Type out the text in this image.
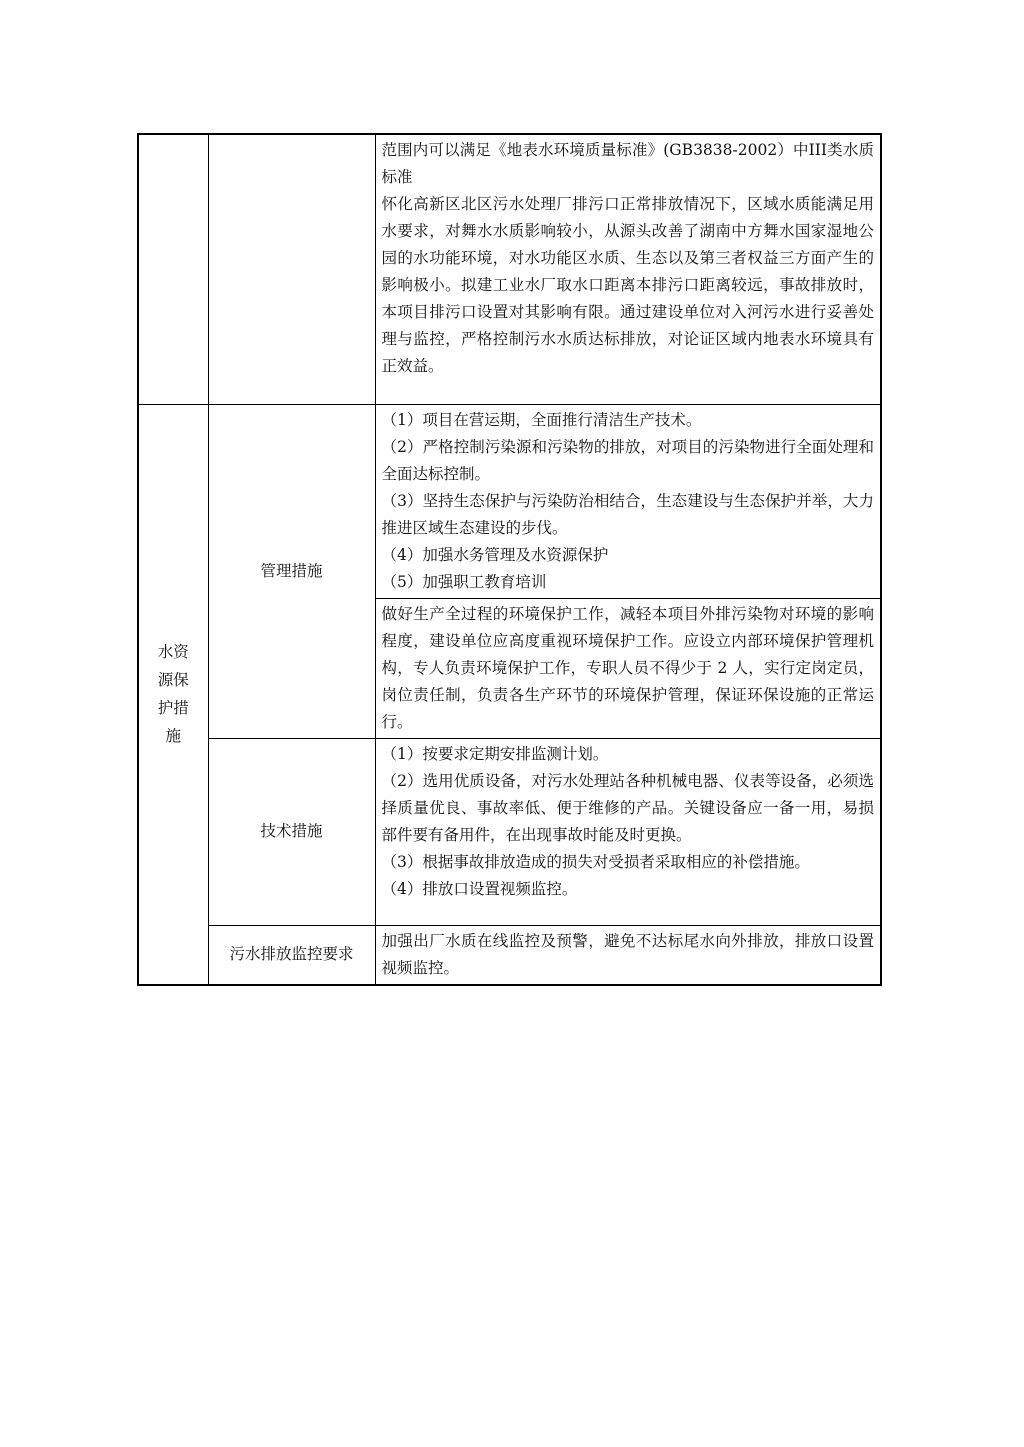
		范围内可以满足《地表水环境质量标准》(GB3838-2002）中III类水质标准
怀化高新区北区污水处理厂排污口正常排放情况下，区域水质能满足用水要求，对舞水水质影响较小，从源头改善了湖南中方舞水国家湿地公园的水功能环境，对水功能区水质、生态以及第三者权益三方面产生的影响极小。拟建工业水厂取水口距离本排污口距离较远，事故排放时，本项目排污口设置对其影响有限。通过建设单位对入河污水进行妥善处理与监控，严格控制污水水质达标排放，对论证区域内地表水环境具有正效益。

水资源保护措施	管理措施	（1）项目在营运期，全面推行清洁生产技术。
（2）严格控制污染源和污染物的排放，对项目的污染物进行全面处理和全面达标控制。
（3）坚持生态保护与污染防治相结合，生态建设与生态保护并举，大力推进区域生态建设的步伐。
（4）加强水务管理及水资源保护
（5）加强职工教育培训

		做好生产全过程的环境保护工作，减轻本项目外排污染物对环境的影响程度，建设单位应高度重视环境保护工作。应设立内部环境保护管理机构，专人负责环境保护工作，专职人员不得少于 2 人，实行定岗定员，岗位责任制，负责各生产环节的环境保护管理，保证环保设施的正常运行。
	技术措施	（1）按要求定期安排监测计划。
（2）选用优质设备，对污水处理站各种机械电器、仪表等设备，必须选择质量优良、事故率低、便于维修的产品。关键设备应一备一用，易损部件要有备用件，在出现事故时能及时更换。
（3）根据事故排放造成的损失对受损者采取相应的补偿措施。
（4）排放口设置视频监控。

	污水排放监控要求	加强出厂水质在线监控及预警，避免不达标尾水向外排放，排放口设置视频监控。
